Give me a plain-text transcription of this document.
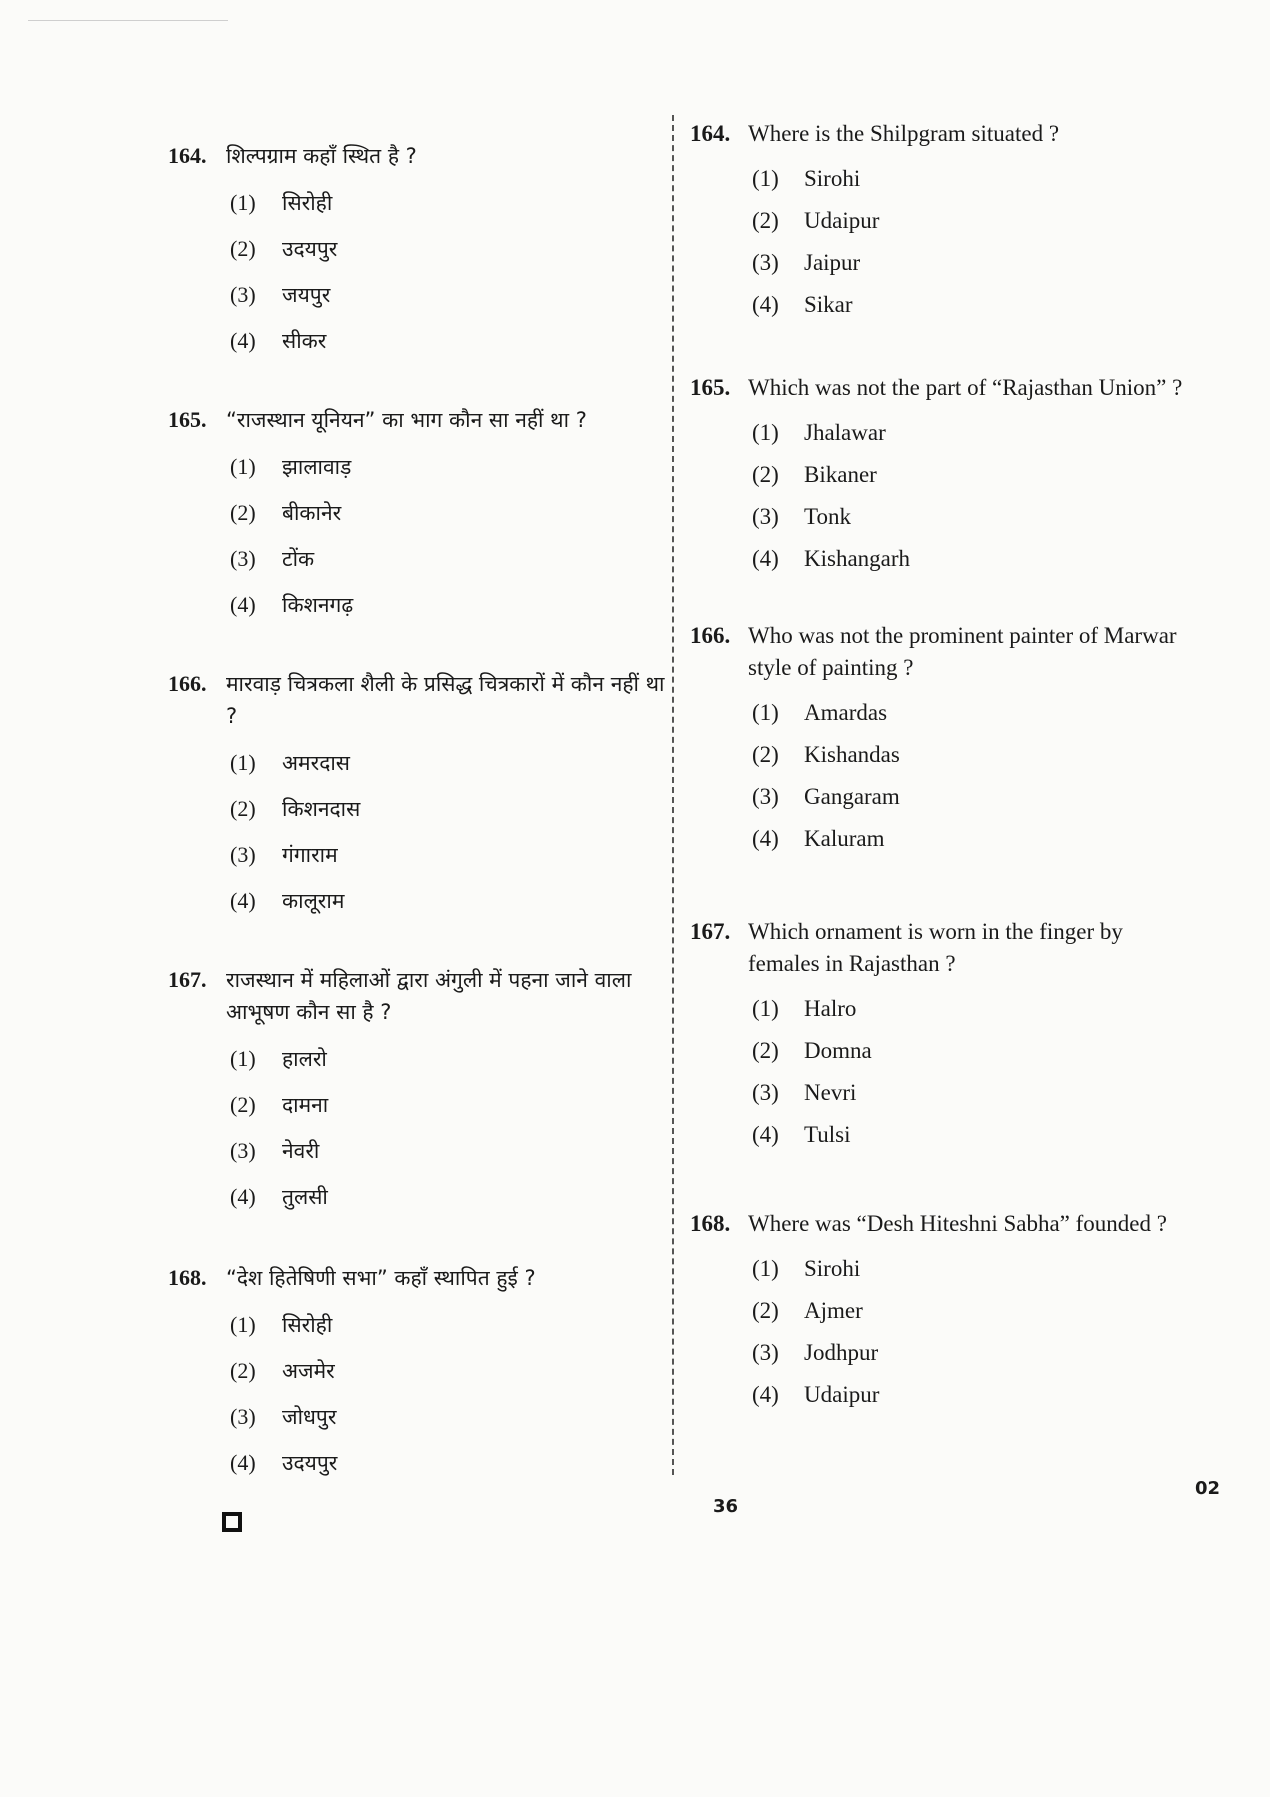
164. शिल्पग्राम कहाँ स्थित है ?
(1)	सिरोही
(2)	उदयपुर
(3)	जयपुर
(4)	सीकर
165. “राजस्थान यूनियन” का भाग कौन सा नहीं था ?
(1)	झालावाड़
(2)	बीकानेर
(3)	टोंक
(4)	किशनगढ़
166. मारवाड़ चित्रकला शैली के प्रसिद्ध चित्रकारों में कौन नहीं था ?
(1)	अमरदास
(2)	किशनदास
(3)	गंगाराम
(4)	कालूराम
167. राजस्थान में महिलाओं द्वारा अंगुली में पहना जाने वाला आभूषण कौन सा है ?
(1)	हालरो
(2)	दामना
(3)	नेवरी
(4)	तुलसी
168. “देश हितेषिणी सभा” कहाँ स्थापित हुई ?
(1)	सिरोही
(2)	अजमेर
(3)	जोधपुर
(4)	उदयपुर
164. Where is the Shilpgram situated ?
(1)	Sirohi
(2)	Udaipur
(3)	Jaipur
(4)	Sikar
165. Which was not the part of “Rajasthan Union” ?
(1)	Jhalawar
(2)	Bikaner
(3)	Tonk
(4)	Kishangarh
166. Who was not the prominent painter of Marwar style of painting ?
(1)	Amardas
(2)	Kishandas
(3)	Gangaram
(4)	Kaluram
167. Which ornament is worn in the finger by females in Rajasthan ?
(1)	Halro
(2)	Domna
(3)	Nevri
(4)	Tulsi
168. Where was “Desh Hiteshni Sabha” founded ?
(1)	Sirohi
(2)	Ajmer
(3)	Jodhpur
(4)	Udaipur
36
02
